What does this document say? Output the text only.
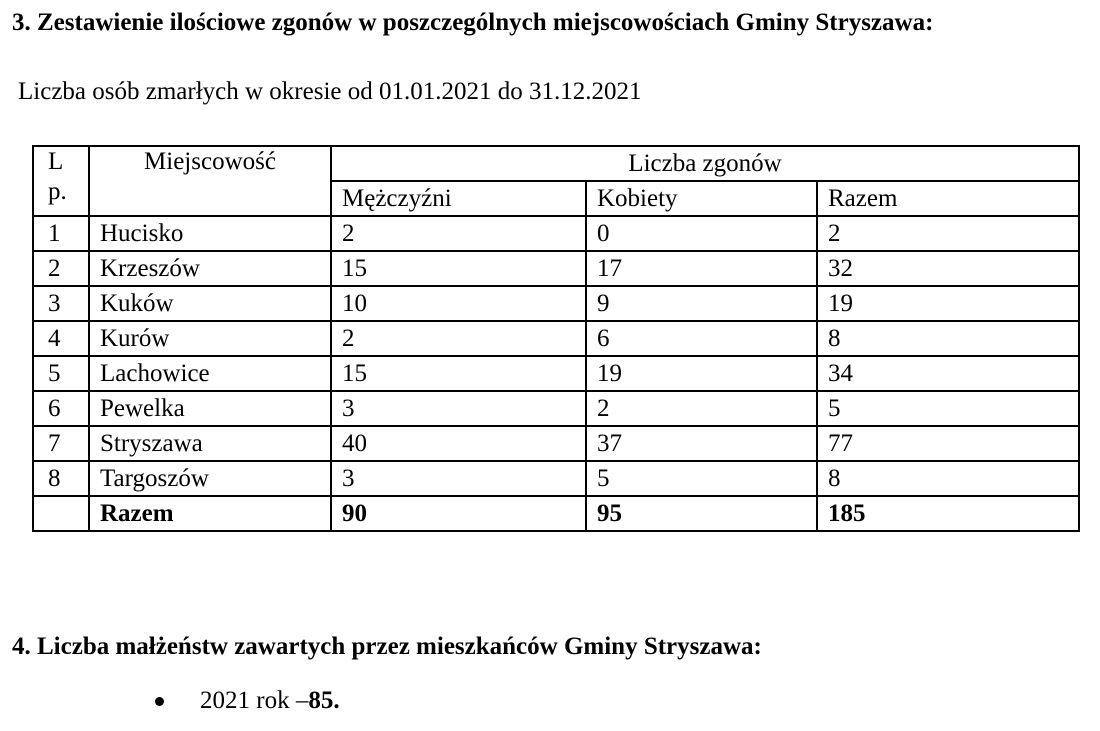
3. Zestawienie ilościowe zgonów w poszczególnych miejscowościach Gminy Stryszawa:

Liczba osób zmarłych w okresie od 01.01.2021 do 31.12.2021

L
p.	Miejscowość	Liczba zgonów		
		Mężczyźni	Kobiety	Razem
1	Hucisko	2	0	2
2	Krzeszów	15	17	32
3	Kuków	10	9	19
4	Kurów	2	6	8
5	Lachowice	15	19	34
6	Pewelka	3	2	5
7	Stryszawa	40	37	77
8	Targoszów	3	5	8
	Razem	90	95	185

4. Liczba małżeństw zawartych przez mieszkańców Gminy Stryszawa:

2021 rok – 85.
